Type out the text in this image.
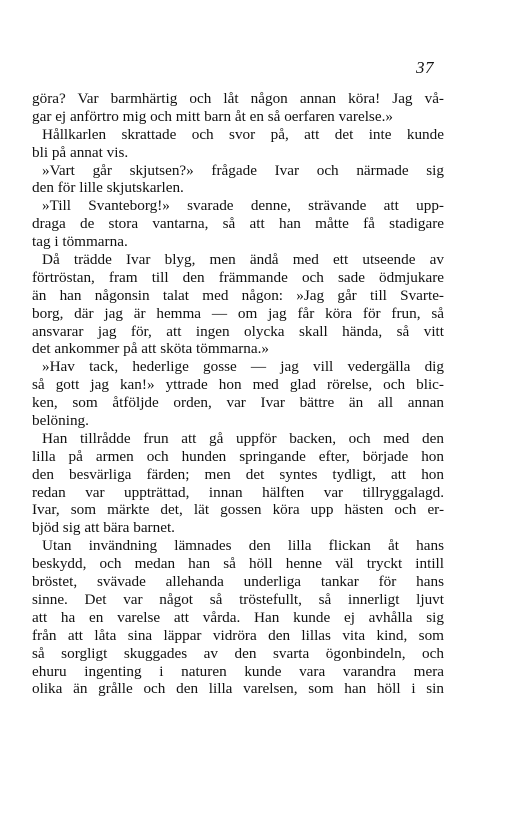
37
göra? Var barmhärtig och låt någon annan köra! Jag vå-
gar ej anförtro mig och mitt barn åt en så oerfaren varelse.»
Hållkarlen skrattade och svor på, att det inte kunde
bli på annat vis.
»Vart går skjutsen?» frågade Ivar och närmade sig
den för lille skjutskarlen.
»Till Svanteborg!» svarade denne, strävande att upp-
draga de stora vantarna, så att han måtte få stadigare
tag i tömmarna.
Då trädde Ivar blyg, men ändå med ett utseende av
förtröstan, fram till den främmande och sade ödmjukare
än han någonsin talat med någon: »Jag går till Svarte-
borg, där jag är hemma — om jag får köra för frun, så
ansvarar jag för, att ingen olycka skall hända, så vitt
det ankommer på att sköta tömmarna.»
»Hav tack, hederlige gosse — jag vill vedergälla dig
så gott jag kan!» yttrade hon med glad rörelse, och blic-
ken, som åtföljde orden, var Ivar bättre än all annan
belöning.
Han tillrådde frun att gå uppför backen, och med den
lilla på armen och hunden springande efter, började hon
den besvärliga färden; men det syntes tydligt, att hon
redan var uppträttad, innan hälften var tillryggalagd.
Ivar, som märkte det, lät gossen köra upp hästen och er-
bjöd sig att bära barnet.
Utan invändning lämnades den lilla flickan åt hans
beskydd, och medan han så höll henne väl tryckt intill
bröstet, svävade allehanda underliga tankar för hans
sinne. Det var något så tröstefullt, så innerligt ljuvt
att ha en varelse att vårda. Han kunde ej avhålla sig
från att låta sina läppar vidröra den lillas vita kind, som
så sorgligt skuggades av den svarta ögonbindeln, och
ehuru ingenting i naturen kunde vara varandra mera
olika än grålle och den lilla varelsen, som han höll i sin
